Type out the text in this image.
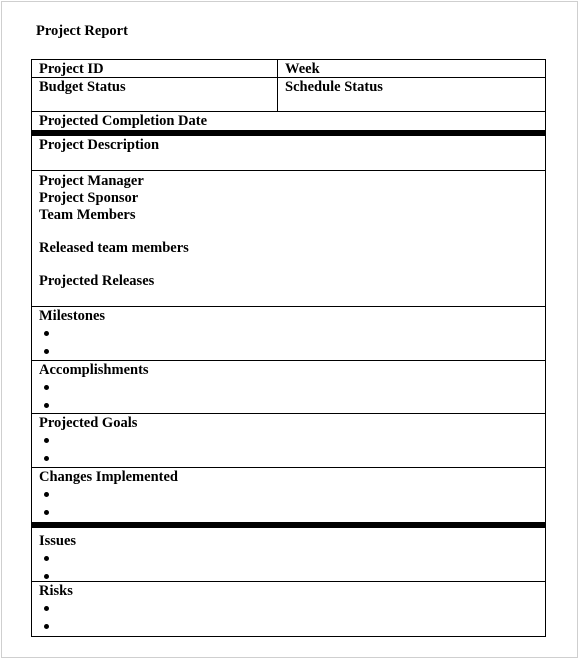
Project Report
Project ID	Week
Budget Status	Schedule Status
Projected Completion Date
Project Description
Project Manager
Project Sponsor
Team Members
Released team members
Projected Releases
Milestones
Accomplishments
Projected Goals
Changes Implemented
Issues
Risks
